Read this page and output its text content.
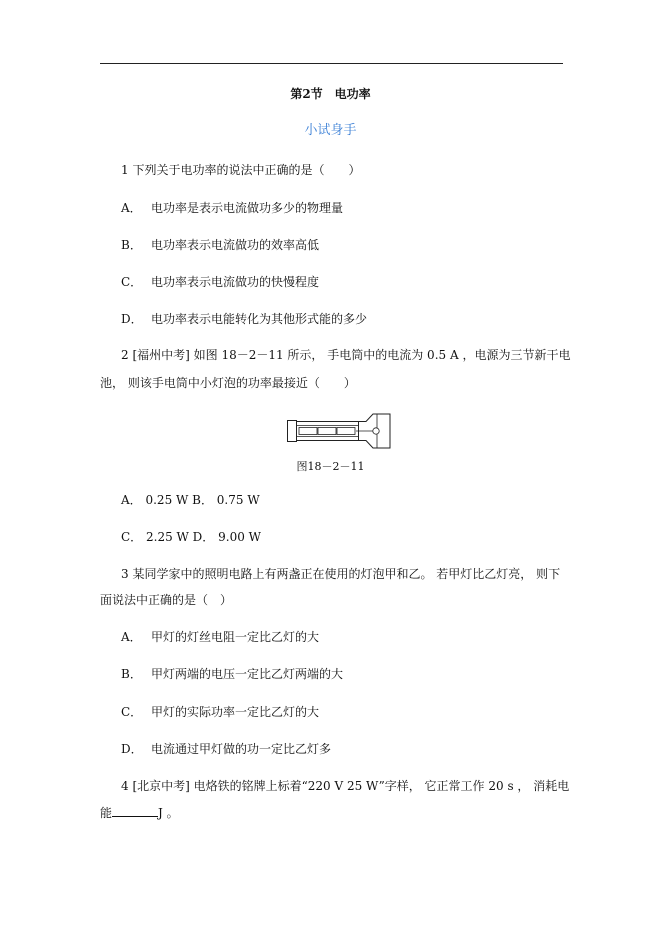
第2节　电功率
小试身手
1 下列关于电功率的说法中正确的是（　　）
A． 电功率是表示电流做功多少的物理量
B． 电功率表示电流做功的效率高低
C． 电功率表示电流做功的快慢程度
D． 电功率表示电能转化为其他形式能的多少
2 [福州中考] 如图 18－2－11 所示， 手电筒中的电流为 0.5 A ，电源为三节新干电
池， 则该手电筒中小灯泡的功率最接近（　　）
图18－2－11
A． 0.25 W B． 0.75 W
C． 2.25 W D． 9.00 W
3 某同学家中的照明电路上有两盏正在使用的灯泡甲和乙。 若甲灯比乙灯亮， 则下
面说法中正确的是（　）
A． 甲灯的灯丝电阻一定比乙灯的大
B． 甲灯两端的电压一定比乙灯两端的大
C． 甲灯的实际功率一定比乙灯的大
D． 电流通过甲灯做的功一定比乙灯多
4 [北京中考] 电烙铁的铭牌上标着“220 V 25 W”字样， 它正常工作 20 s ， 消耗电
能	J 。
